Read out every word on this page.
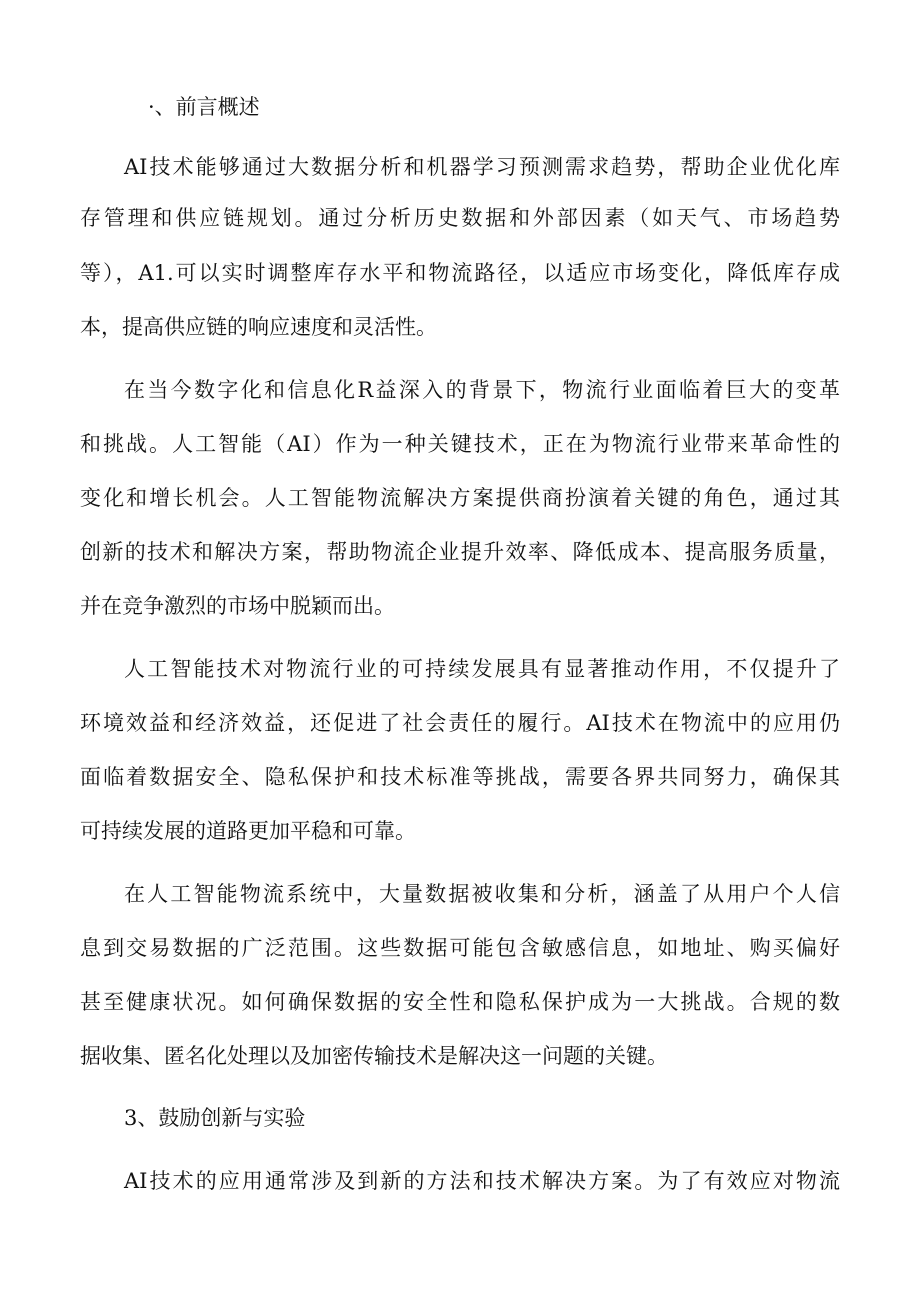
·、前言概述
AI技术能够通过大数据分析和机器学习预测需求趋势，帮助企业优化库
存管理和供应链规划。通过分析历史数据和外部因素（如天气、市场趋势
等），A1.可以实时调整库存水平和物流路径，以适应市场变化，降低库存成
本，提高供应链的响应速度和灵活性。
在当今数字化和信息化R益深入的背景下，物流行业面临着巨大的变革
和挑战。人工智能（AI）作为一种关键技术，正在为物流行业带来革命性的
变化和增长机会。人工智能物流解决方案提供商扮演着关键的角色，通过其
创新的技术和解决方案，帮助物流企业提升效率、降低成本、提高服务质量，
并在竞争激烈的市场中脱颖而出。
人工智能技术对物流行业的可持续发展具有显著推动作用，不仅提升了
环境效益和经济效益，还促进了社会责任的履行。AI技术在物流中的应用仍
面临着数据安全、隐私保护和技术标准等挑战，需要各界共同努力，确保其
可持续发展的道路更加平稳和可靠。
在人工智能物流系统中，大量数据被收集和分析，涵盖了从用户个人信
息到交易数据的广泛范围。这些数据可能包含敏感信息，如地址、购买偏好
甚至健康状况。如何确保数据的安全性和隐私保护成为一大挑战。合规的数
据收集、匿名化处理以及加密传输技术是解决这一问题的关键。
3、鼓励创新与实验
AI技术的应用通常涉及到新的方法和技术解决方案。为了有效应对物流
